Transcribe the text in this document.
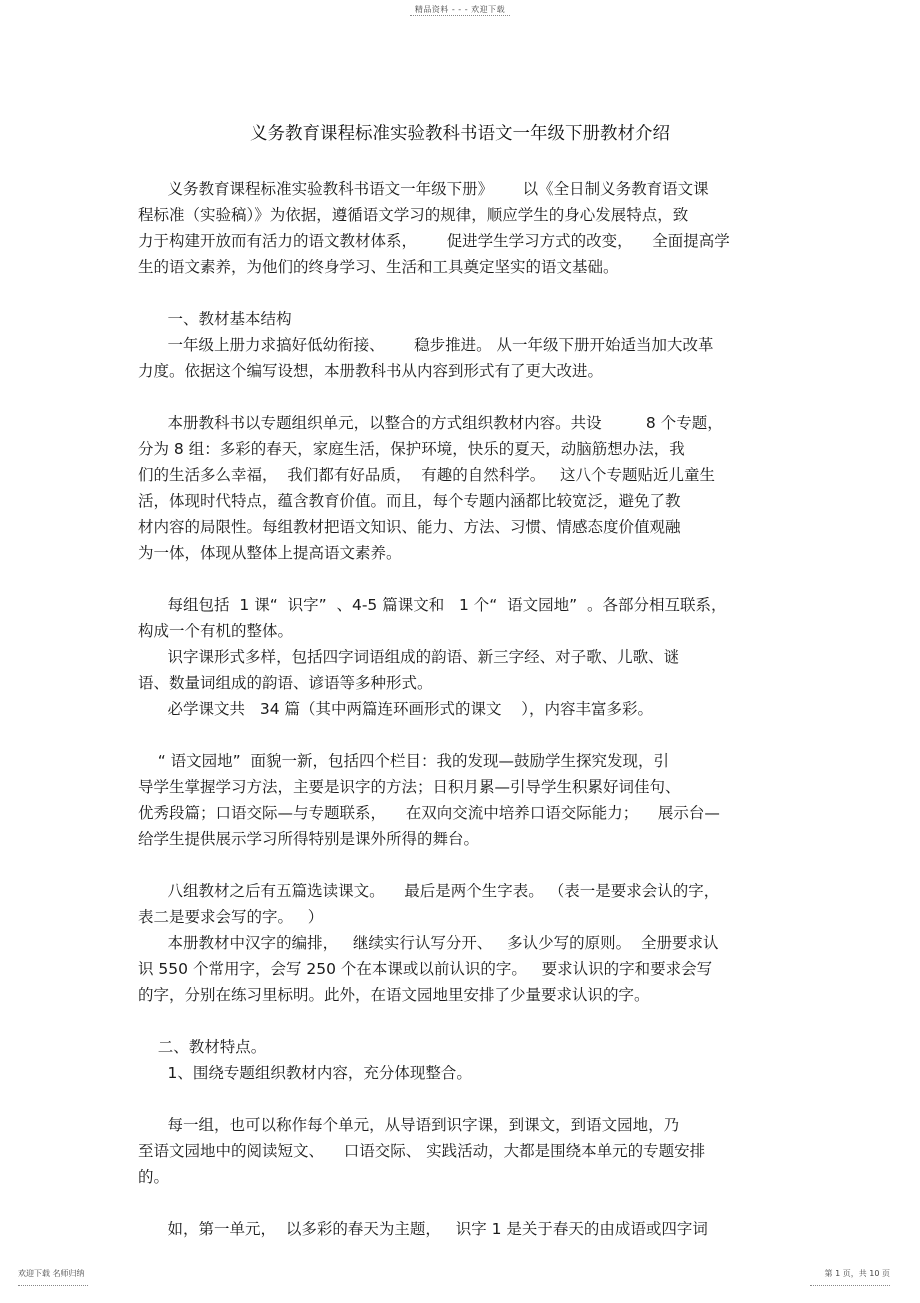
精品资料 - - - 欢迎下载
义务教育课程标准实验教科书语文一年级下册教材介绍
义务教育课程标准实验教科书语文一年级下册》      以《全日制义务教育语文课
程标准（实验稿）》为依据，遵循语文学习的规律，顺应学生的身心发展特点，致
力于构建开放而有活力的语文教材体系，      促进学生学习方式的改变，    全面提高学
生的语文素养，为他们的终身学习、生活和工具奠定坚实的语文基础。
一、教材基本结构
一年级上册力求搞好低幼衔接、      稳步推进。 从一年级下册开始适当加大改革
力度。依据这个编写设想，本册教科书从内容到形式有了更大改进。
本册教科书以专题组织单元，以整合的方式组织教材内容。共设         8 个专题，
分为 8 组：多彩的春天，家庭生活，保护环境，快乐的夏天，动脑筋想办法，我
们的生活多么幸福，  我们都有好品质，  有趣的自然科学。   这八个专题贴近儿童生
活，体现时代特点，蕴含教育价值。而且，每个专题内涵都比较宽泛，避免了教
材内容的局限性。每组教材把语文知识、能力、方法、习惯、情感态度价值观融
为一体，体现从整体上提高语文素养。
每组包括  1 课“  识字”  、4-5 篇课文和   1 个“  语文园地”  。各部分相互联系，
构成一个有机的整体。
识字课形式多样，包括四字词语组成的韵语、新三字经、对子歌、儿歌、谜
语、数量词组成的韵语、谚语等多种形式。
必学课文共   34 篇（其中两篇连环画形式的课文    ），内容丰富多彩。
“ 语文园地”  面貌一新，包括四个栏目：我的发现—鼓励学生探究发现，引
导学生掌握学习方法，主要是识字的方法；日积月累—引导学生积累好词佳句、
优秀段篇；口语交际—与专题联系，    在双向交流中培养口语交际能力；    展示台—
给学生提供展示学习所得特别是课外所得的舞台。
八组教材之后有五篇选读课文。    最后是两个生字表。 （表一是要求会认的字，
表二是要求会写的字。   ）
本册教材中汉字的编排，   继续实行认写分开、   多认少写的原则。  全册要求认
识 550 个常用字，会写 250 个在本课或以前认识的字。   要求认识的字和要求会写
的字，分别在练习里标明。此外，在语文园地里安排了少量要求认识的字。
二、教材特点。
1、围绕专题组织教材内容，充分体现整合。
每一组，也可以称作每个单元，从导语到识字课，到课文，到语文园地，乃
至语文园地中的阅读短文、    口语交际、 实践活动，大都是围绕本单元的专题安排
的。
如，第一单元，  以多彩的春天为主题，   识字 1 是关于春天的由成语或四字词
欢迎下载 名师归纳	第 1 页，共 10 页
